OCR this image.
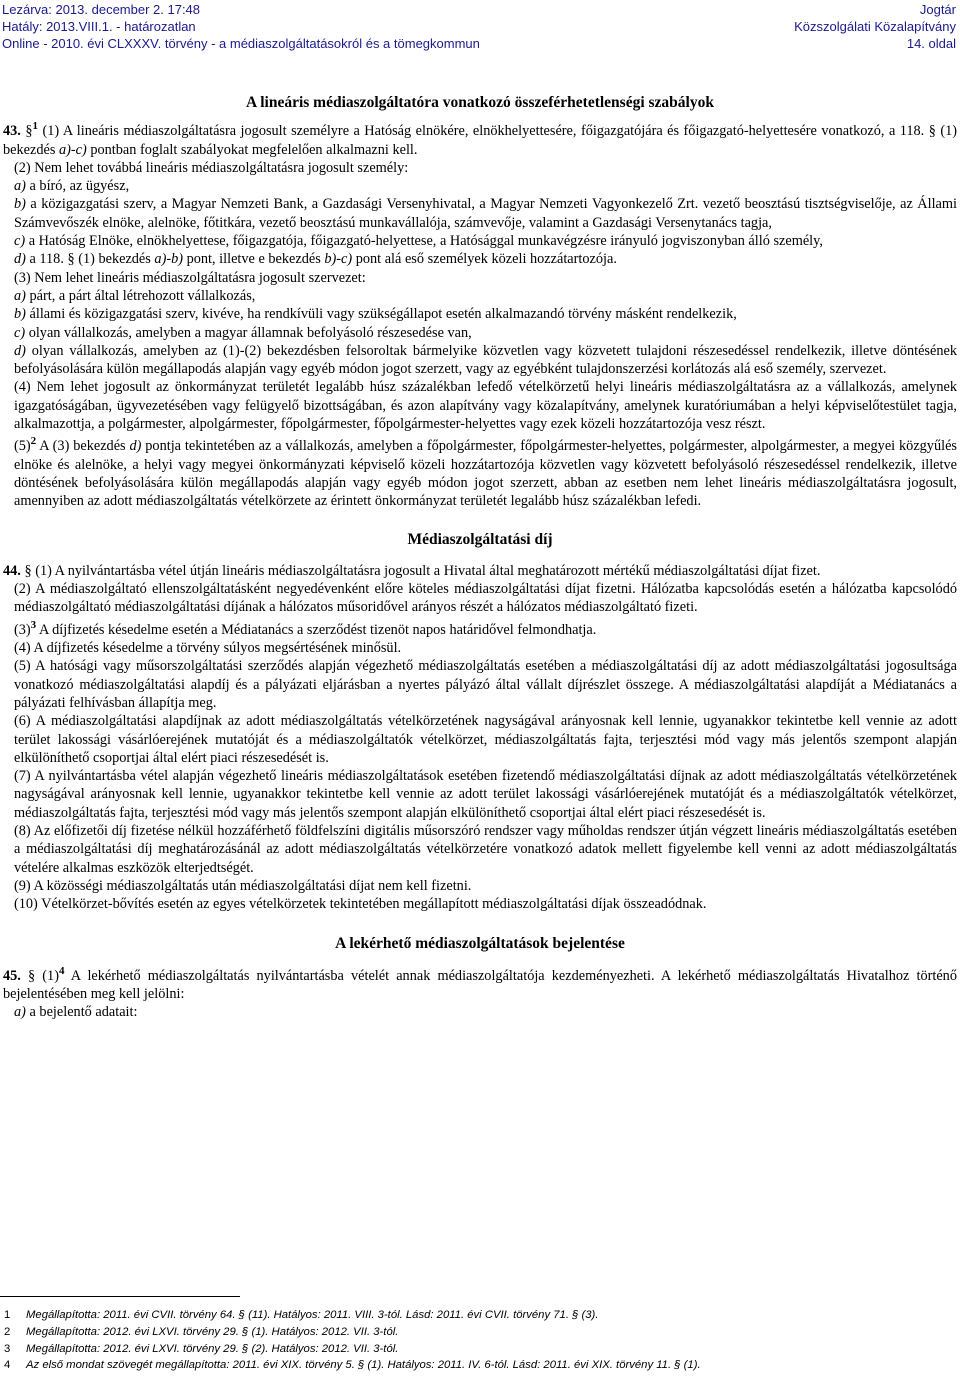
Lezárva: 2013. december 2. 17:48
Hatály: 2013.VIII.1. - határozatlan
Online - 2010. évi CLXXXV. törvény - a médiaszolgáltatásokról és a tömegkommun
Jogtár
Közszolgálati Közalapítvány
14. oldal

A lineáris médiaszolgáltatóra vonatkozó összeférhetetlenségi szabályok

43. §$^1$ (1) A lineáris médiaszolgáltatásra jogosult személyre a Hatóság elnökére, elnökhelyettesére, főigazgatójára és főigazgató-helyettesére vonatkozó, a 118. § (1) bekezdés a)-c) pontban foglalt szabályokat megfelelően alkalmazni kell.

(2) Nem lehet továbbá lineáris médiaszolgáltatásra jogosult személy:

a) a bíró, az ügyész,

b) a közigazgatási szerv, a Magyar Nemzeti Bank, a Gazdasági Versenyhivatal, a Magyar Nemzeti Vagyonkezelő Zrt. vezető beosztású tisztségviselője, az Állami Számvevőszék elnöke, alelnöke, főtitkára, vezető beosztású munkavállalója, számvevője, valamint a Gazdasági Versenytanács tagja,

c) a Hatóság Elnöke, elnökhelyettese, főigazgatója, főigazgató-helyettese, a Hatósággal munkavégzésre irányuló jogviszonyban álló személy,

d) a 118. § (1) bekezdés a)-b) pont, illetve e bekezdés b)-c) pont alá eső személyek közeli hozzátartozója.

(3) Nem lehet lineáris médiaszolgáltatásra jogosult szervezet:

a) párt, a párt által létrehozott vállalkozás,

b) állami és közigazgatási szerv, kivéve, ha rendkívüli vagy szükségállapot esetén alkalmazandó törvény másként rendelkezik,

c) olyan vállalkozás, amelyben a magyar államnak befolyásoló részesedése van,

d) olyan vállalkozás, amelyben az (1)-(2) bekezdésben felsoroltak bármelyike közvetlen vagy közvetett tulajdoni részesedéssel rendelkezik, illetve döntésének befolyásolására külön megállapodás alapján vagy egyéb módon jogot szerzett, vagy az egyébként tulajdonszerzési korlátozás alá eső személy, szervezet.

(4) Nem lehet jogosult az önkormányzat területét legalább húsz százalékban lefedő vételkörzetű helyi lineáris médiaszolgáltatásra az a vállalkozás, amelynek igazgatóságában, ügyvezetésében vagy felügyelő bizottságában, és azon alapítvány vagy közalapítvány, amelynek kuratóriumában a helyi képviselőtestület tagja, alkalmazottja, a polgármester, alpolgármester, főpolgármester, főpolgármester-helyettes vagy ezek közeli hozzátartozója vesz részt.

$(5)^2$ A (3) bekezdés d) pontja tekintetében az a vállalkozás, amelyben a főpolgármester, főpolgármester-helyettes, polgármester, alpolgármester, a megyei közgyűlés elnöke és alelnöke, a helyi vagy megyei önkormányzati képviselő közeli hozzátartozója közvetlen vagy közvetett befolyásoló részesedéssel rendelkezik, illetve döntésének befolyásolására külön megállapodás alapján vagy egyéb módon jogot szerzett, abban az esetben nem lehet lineáris médiaszolgáltatásra jogosult, amennyiben az adott médiaszolgáltatás vételkörzete az érintett önkormányzat területét legalább húsz százalékban lefedi.

Médiaszolgáltatási díj

44. § (1) A nyilvántartásba vétel útján lineáris médiaszolgáltatásra jogosult a Hivatal által meghatározott mértékű médiaszolgáltatási díjat fizet.

(2) A médiaszolgáltató ellenszolgáltatásként negyedévenként előre köteles médiaszolgáltatási díjat fizetni. Hálózatba kapcsolódás esetén a hálózatba kapcsolódó médiaszolgáltató médiaszolgáltatási díjának a hálózatos műsoridővel arányos részét a hálózatos médiaszolgáltató fizeti.

$(3)^3$ A díjfizetés késedelme esetén a Médiatanács a szerződést tizenöt napos határidővel felmondhatja.

(4) A díjfizetés késedelme a törvény súlyos megsértésének minősül.

(5) A hatósági vagy műsorszolgáltatási szerződés alapján végezhető médiaszolgáltatás esetében a médiaszolgáltatási díj az adott médiaszolgáltatási jogosultsága vonatkozó médiaszolgáltatási alapdíj és a pályázati eljárásban a nyertes pályázó által vállalt díjrészlet összege. A médiaszolgáltatási alapdíját a Médiatanács a pályázati felhívásban állapítja meg.

(6) A médiaszolgáltatási alapdíjnak az adott médiaszolgáltatás vételkörzetének nagyságával arányosnak kell lennie, ugyanakkor tekintetbe kell vennie az adott terület lakossági vásárlóerejének mutatóját és a médiaszolgáltatók vételkörzet, médiaszolgáltatás fajta, terjesztési mód vagy más jelentős szempont alapján elkülöníthető csoportjai által elért piaci részesedését is.

(7) A nyilvántartásba vétel alapján végezhető lineáris médiaszolgáltatások esetében fizetendő médiaszolgáltatási díjnak az adott médiaszolgáltatás vételkörzetének nagyságával arányosnak kell lennie, ugyanakkor tekintetbe kell vennie az adott terület lakossági vásárlóerejének mutatóját és a médiaszolgáltatók vételkörzet, médiaszolgáltatás fajta, terjesztési mód vagy más jelentős szempont alapján elkülöníthető csoportjai által elért piaci részesedését is.

(8) Az előfizetői díj fizetése nélkül hozzáférhető földfelszíni digitális műsorszóró rendszer vagy műholdas rendszer útján végzett lineáris médiaszolgáltatás esetében a médiaszolgáltatási díj meghatározásánál az adott médiaszolgáltatás vételkörzetére vonatkozó adatok mellett figyelembe kell venni az adott médiaszolgáltatás vételére alkalmas eszközök elterjedtségét.

(9) A közösségi médiaszolgáltatás után médiaszolgáltatási díjat nem kell fizetni.

(10) Vételkörzet-bővítés esetén az egyes vételkörzetek tekintetében megállapított médiaszolgáltatási díjak összeadódnak.

A lekérhető médiaszolgáltatások bejelentése

45. § $(1)^4$ A lekérhető médiaszolgáltatás nyilvántartásba vételét annak médiaszolgáltatója kezdeményezheti. A lekérhető médiaszolgáltatás Hivatalhoz történő bejelentésében meg kell jelölni:

a) a bejelentő adatait:

1 Megállapította: 2011. évi CVII. törvény 64. § (11). Hatályos: 2011. VIII. 3-tól. Lásd: 2011. évi CVII. törvény 71. § (3).
2 Megállapította: 2012. évi LXVI. törvény 29. § (1). Hatályos: 2012. VII. 3-tól.
3 Megállapította: 2012. évi LXVI. törvény 29. § (2). Hatályos: 2012. VII. 3-tól.
4 Az első mondat szövegét megállapította: 2011. évi XIX. törvény 5. § (1). Hatályos: 2011. IV. 6-tól. Lásd: 2011. évi XIX. törvény 11. § (1).
